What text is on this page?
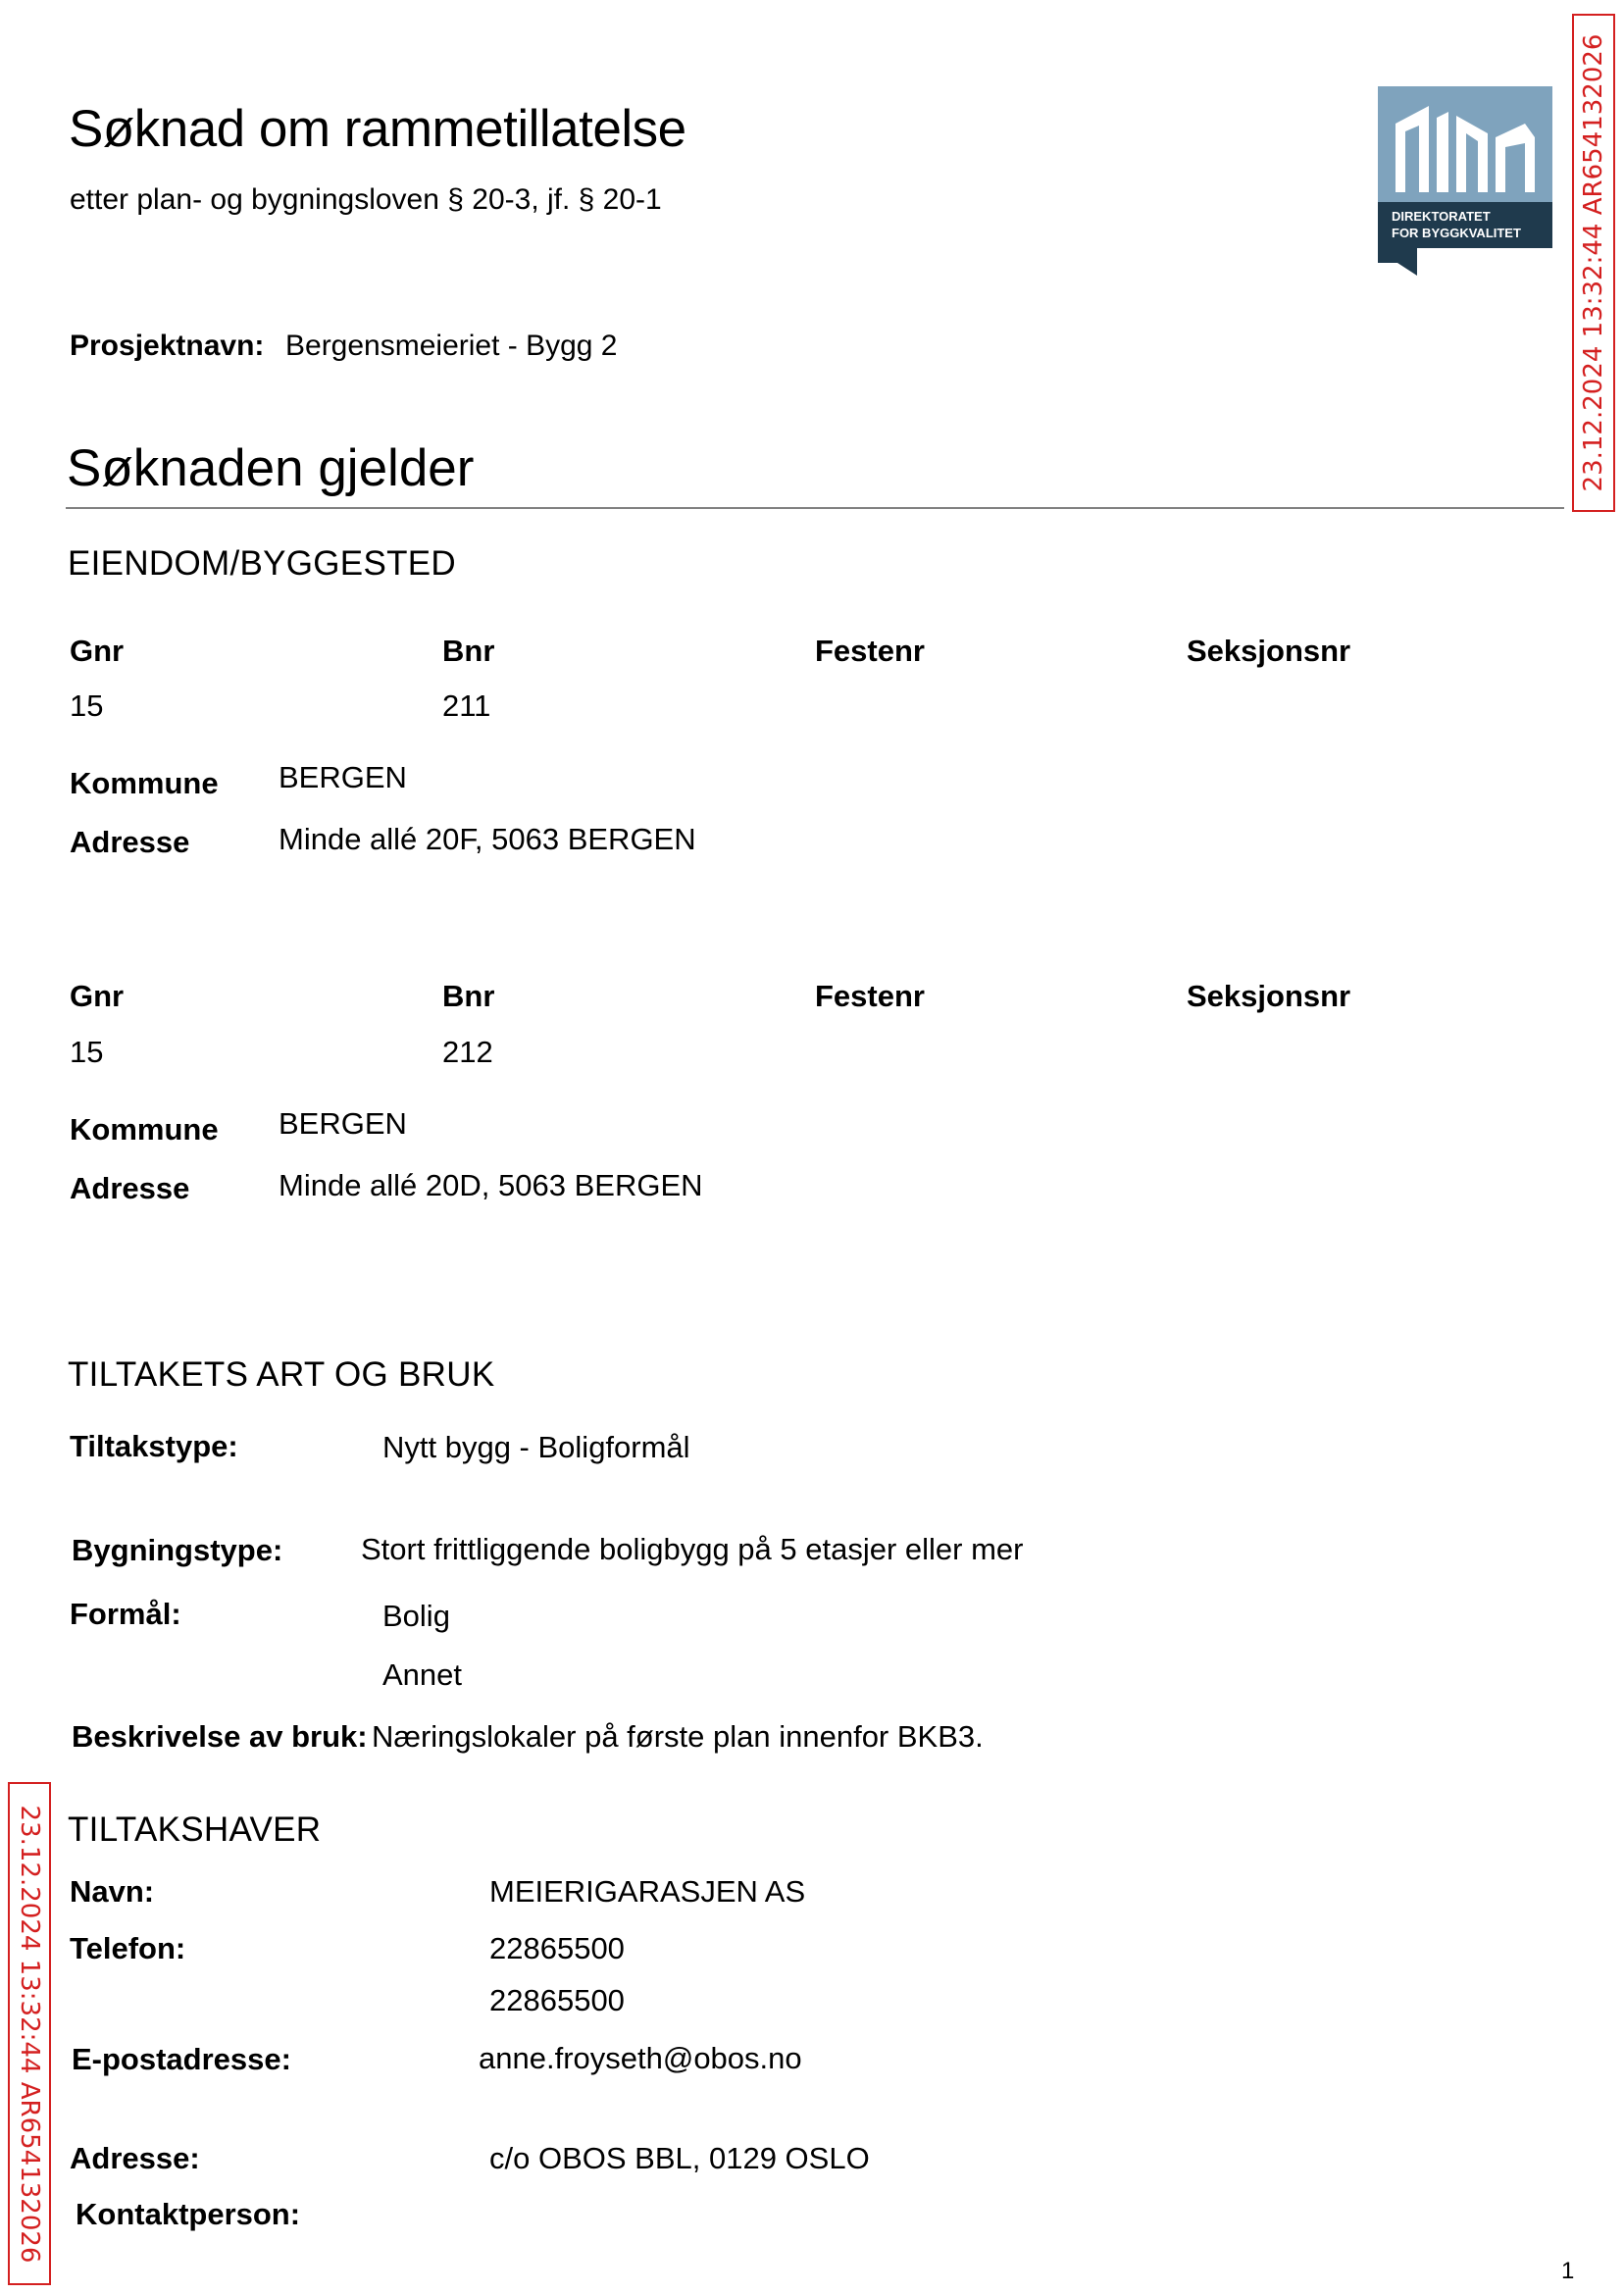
Søknad om rammetillatelse
etter plan- og bygningsloven § 20-3, jf. § 20-1
DIREKTORATET
FOR BYGGKVALITET 23.12.2024 13:32:44 AR654132026
Prosjektnavn: Bergensmeieriet - Bygg 2
Søknaden gjelder
EIENDOM/BYGGESTED
Gnr	Bnr	Festenr	Seksjonsnr
15	211
Kommune BERGEN
Adresse	Minde allé 20F, 5063 BERGEN
Gnr	Bnr	Festenr	Seksjonsnr
15	212
Kommune BERGEN
Adresse	Minde allé 20D, 5063 BERGEN
TILTAKETS ART OG BRUK
Tiltakstype:	Nytt bygg - Boligformål
Bygningstype:	Stort frittliggende boligbygg på 5 etasjer eller mer
Formål:	Bolig
Annet
Beskrivelse av bruk: Næringslokaler på første plan innenfor BKB3.
23.12.2024 13:32:44 AR654132026 TILTAKSHAVER
Navn:	MEIERIGARASJEN AS
Telefon:	22865500
22865500
E-postadresse:	anne.froyseth@obos.no
Adresse:	c/o OBOS BBL, 0129 OSLO
Kontaktperson:
1
